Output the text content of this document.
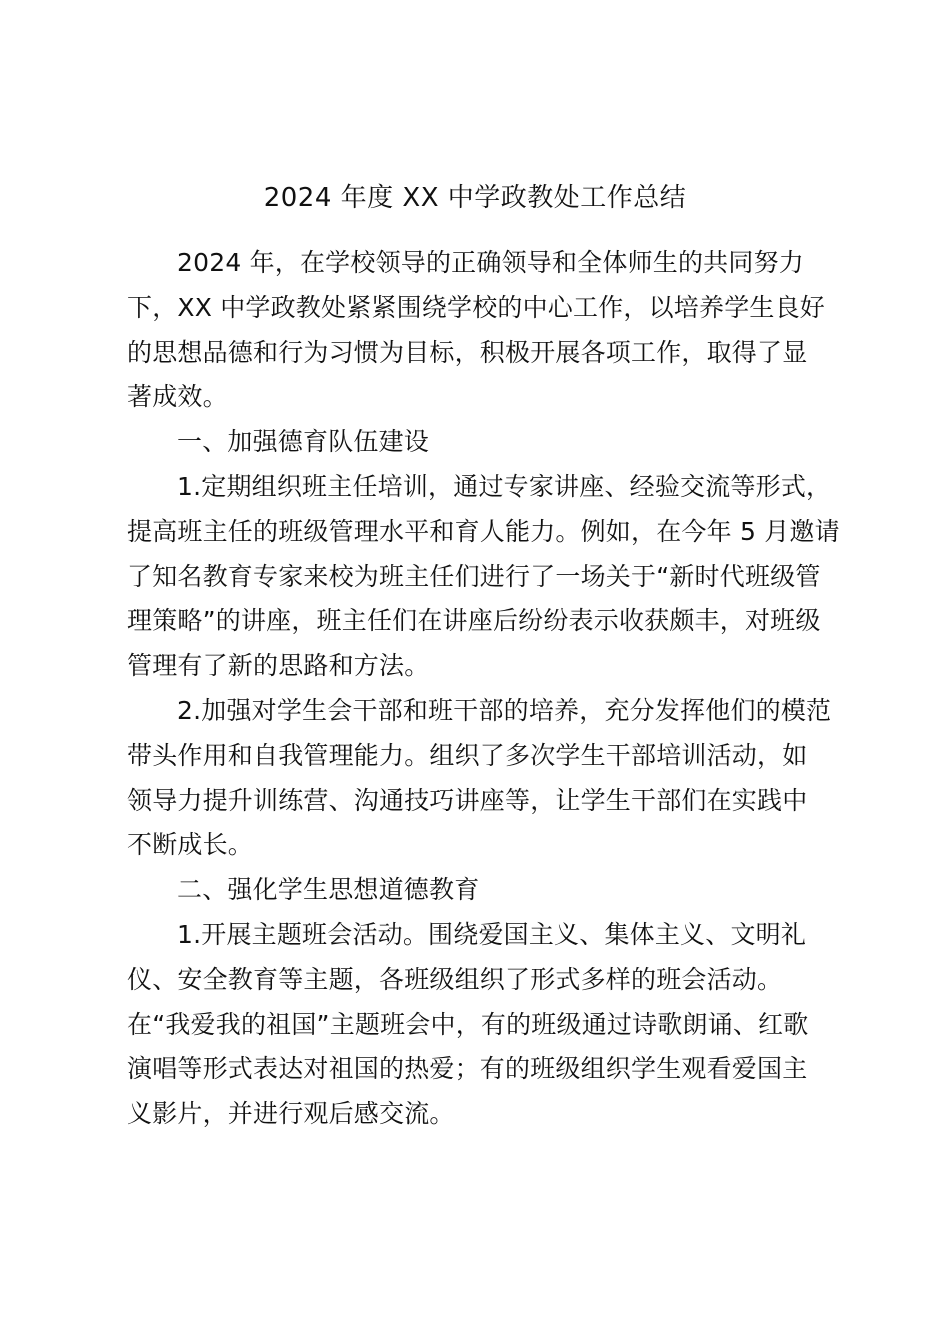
2024 年度 XX 中学政教处工作总结

2024 年，在学校领导的正确领导和全体师生的共同努力

下，XX 中学政教处紧紧围绕学校的中心工作，以培养学生良好

的思想品德和行为习惯为目标，积极开展各项工作，取得了显

著成效。

一、加强德育队伍建设

1.定期组织班主任培训，通过专家讲座、经验交流等形式，

提高班主任的班级管理水平和育人能力。例如，在今年 5 月邀请

了知名教育专家来校为班主任们进行了一场关于“新时代班级管

理策略”的讲座，班主任们在讲座后纷纷表示收获颇丰，对班级

管理有了新的思路和方法。

2.加强对学生会干部和班干部的培养，充分发挥他们的模范

带头作用和自我管理能力。组织了多次学生干部培训活动，如

领导力提升训练营、沟通技巧讲座等，让学生干部们在实践中

不断成长。

二、强化学生思想道德教育

1.开展主题班会活动。围绕爱国主义、集体主义、文明礼

仪、安全教育等主题，各班级组织了形式多样的班会活动。

在“我爱我的祖国”主题班会中，有的班级通过诗歌朗诵、红歌

演唱等形式表达对祖国的热爱；有的班级组织学生观看爱国主

义影片，并进行观后感交流。
